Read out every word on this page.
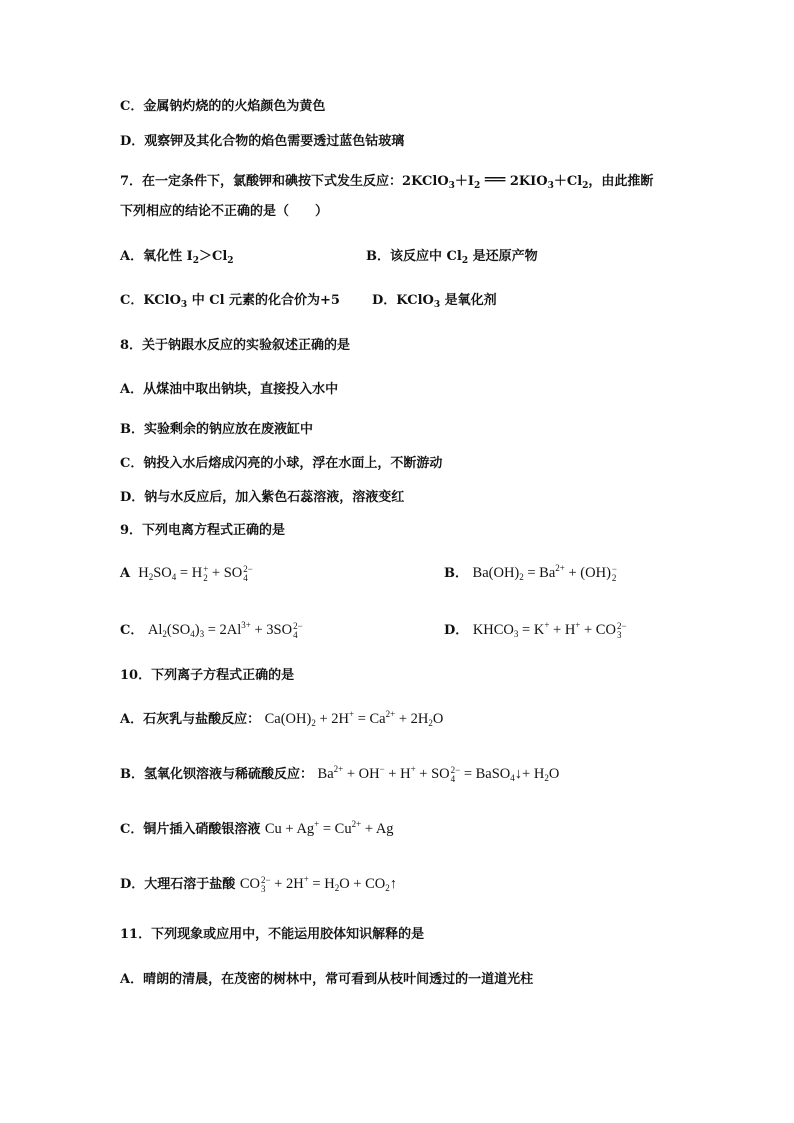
C．金属钠灼烧的的火焰颜色为黄色
D．观察钾及其化合物的焰色需要透过蓝色钴玻璃
7．在一定条件下，氯酸钾和碘按下式发生反应：$2KClO_3+I_2$ ══ $2KIO_3+Cl_2$，由此推断
下列相应的结论不正确的是（　　）
A．氧化性 $I_2>Cl_2$	B．该反应中 $Cl_2$ 是还原产物
C．KClO$_3$ 中 Cl 元素的化合价为+5 D．KClO$_3$ 是氧化剂
8．关于钠跟水反应的实验叙述正确的是
A．从煤油中取出钠块，直接投入水中
B．实验剩余的钠应放在废液缸中
C．钠投入水后熔成闪亮的小球，浮在水面上，不断游动
D．钠与水反应后，加入紫色石蕊溶液，溶液变红
9．下列电离方程式正确的是
A  $H_2SO_4 = H$ +
2 + SO 2−
4	B． $Ba(OH)_2 = Ba^{2+} + (OH)$ −
2
C． $Al_2(SO_4)_3 = 2Al^{3+} + 3SO$ 2−
4	D． $KHCO_3 = K^+ + H^+$ + CO 2−
3
10．下列离子方程式正确的是
A．石灰乳与盐酸反应： $Ca(OH)_2 + 2H^+ = Ca^{2+} + 2H_2O$
B．氢氧化钡溶液与稀硫酸反应： $Ba^{2+} + OH^- + H^+$ + SO 2−
4 = BaSO$_4$↓+ $H_2O$
C．铜片插入硝酸银溶液 $Cu + Ag^+ = Cu^{2+} + Ag$
D．大理石溶于盐酸 CO 2−
$3 + 2H^+ = H_2O$ + $CO_2↑$
11．下列现象或应用中，不能运用胶体知识解释的是
A．晴朗的清晨，在茂密的树林中，常可看到从枝叶间透过的一道道光柱
